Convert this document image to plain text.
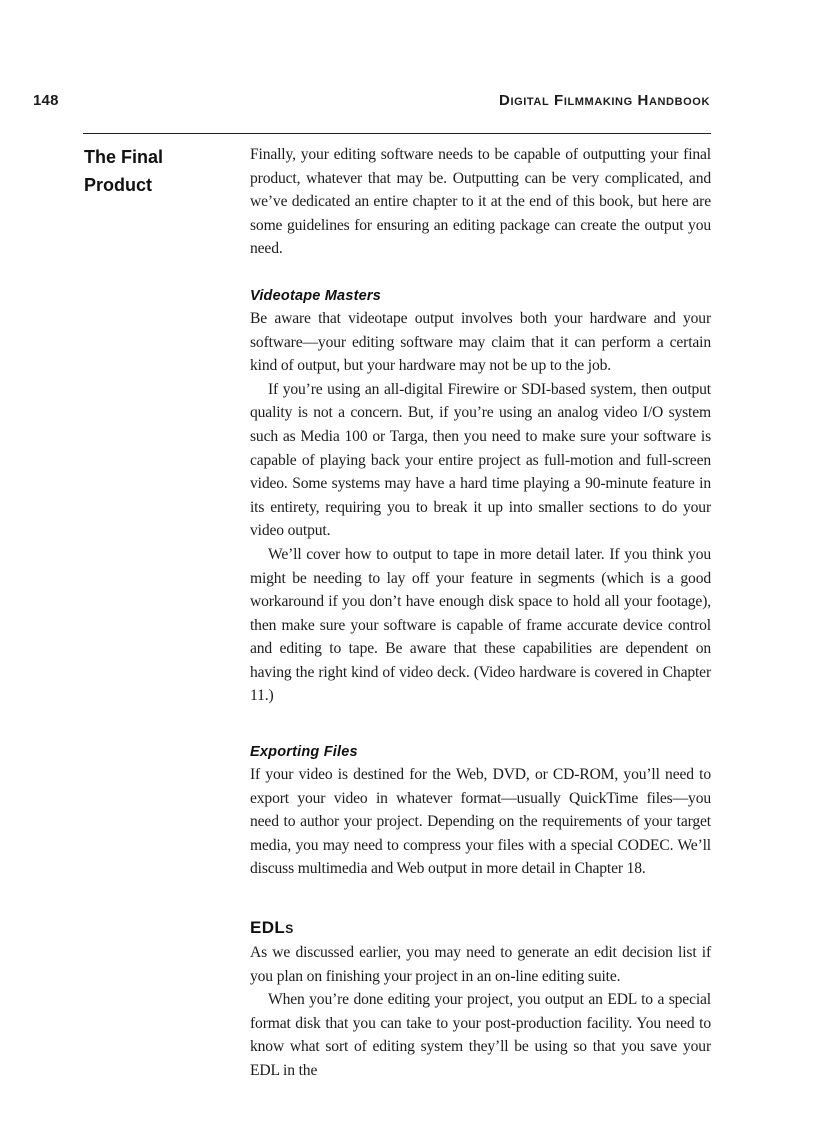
148	Digital Filmmaking Handbook
The Final Product

Finally, your editing software needs to be capable of outputting your final product, whatever that may be. Outputting can be very complicated, and we’ve dedicated an entire chapter to it at the end of this book, but here are some guidelines for ensuring an editing package can create the output you need.

Videotape Masters

Be aware that videotape output involves both your hardware and your software—your editing software may claim that it can perform a certain kind of output, but your hardware may not be up to the job.

If you’re using an all-digital Firewire or SDI-based system, then output quality is not a concern. But, if you’re using an analog video I/O system such as Media 100 or Targa, then you need to make sure your software is capable of playing back your entire project as full-motion and full-screen video. Some systems may have a hard time playing a 90-minute feature in its entirety, requiring you to break it up into smaller sections to do your video output.

We’ll cover how to output to tape in more detail later. If you think you might be needing to lay off your feature in segments (which is a good workaround if you don’t have enough disk space to hold all your footage), then make sure your software is capable of frame accurate device control and editing to tape. Be aware that these capabilities are dependent on having the right kind of video deck. (Video hardware is covered in Chapter 11.)

Exporting Files

If your video is destined for the Web, DVD, or CD-ROM, you’ll need to export your video in whatever format—usually QuickTime files—you need to author your project. Depending on the requirements of your target media, you may need to compress your files with a special CODEC. We’ll discuss multimedia and Web output in more detail in Chapter 18.

EDLs

As we discussed earlier, you may need to generate an edit decision list if you plan on finishing your project in an on-line editing suite.

When you’re done editing your project, you output an EDL to a special format disk that you can take to your post-production facility. You need to know what sort of editing system they’ll be using so that you save your EDL in the
